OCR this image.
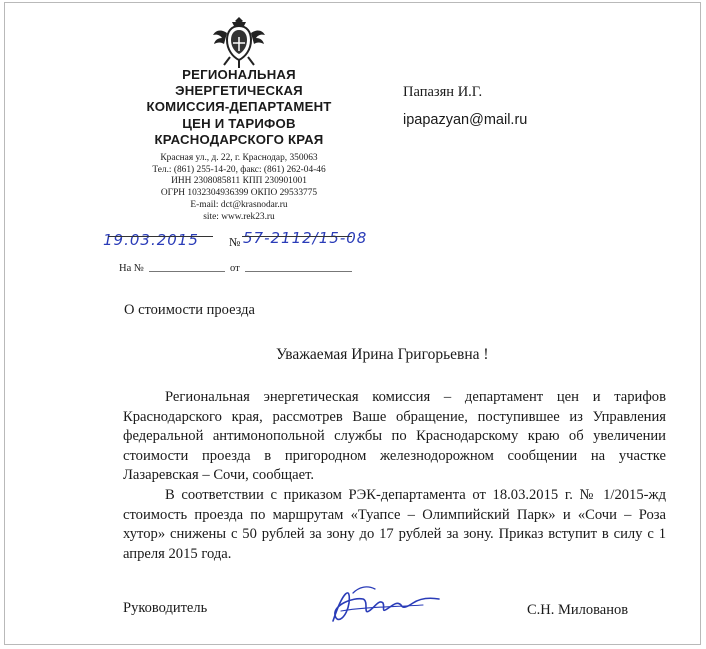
РЕГИОНАЛЬНАЯ
ЭНЕРГЕТИЧЕСКАЯ
КОМИССИЯ-ДЕПАРТАМЕНТ
ЦЕН И ТАРИФОВ
КРАСНОДАРСКОГО КРАЯ
Красная ул., д. 22, г. Краснодар, 350063
Тел.: (861) 255-14-20, факс: (861) 262-04-46
ИНН 2308085811 КПП 230901001
ОГРН 1032304936399 ОКПО 29533775
E-mail: dct@krasnodar.ru
site: www.rek23.ru
Папазян И.Г.
ipapazyan@mail.ru
19.03.2015	№ 57-2112/15-08
На №	от
О стоимости проезда
Уважаемая Ирина Григорьевна !

Региональная энергетическая комиссия – департамент цен и тарифов Краснодарского края, рассмотрев Ваше обращение, поступившее из Управления федеральной антимонопольной службы по Краснодарскому краю об увеличении стоимости проезда в пригородном железнодорожном сообщении на участке Лазаревская – Сочи, сообщает.

В соответствии с приказом РЭК-департамента от 18.03.2015 г. № 1/2015-жд стоимость проезда по маршрутам «Туапсе – Олимпийский Парк» и «Сочи – Роза хутор» снижены с 50 рублей за зону до 17 рублей за зону. Приказ вступит в силу с 1 апреля 2015 года.

Руководитель	С.Н. Милованов
